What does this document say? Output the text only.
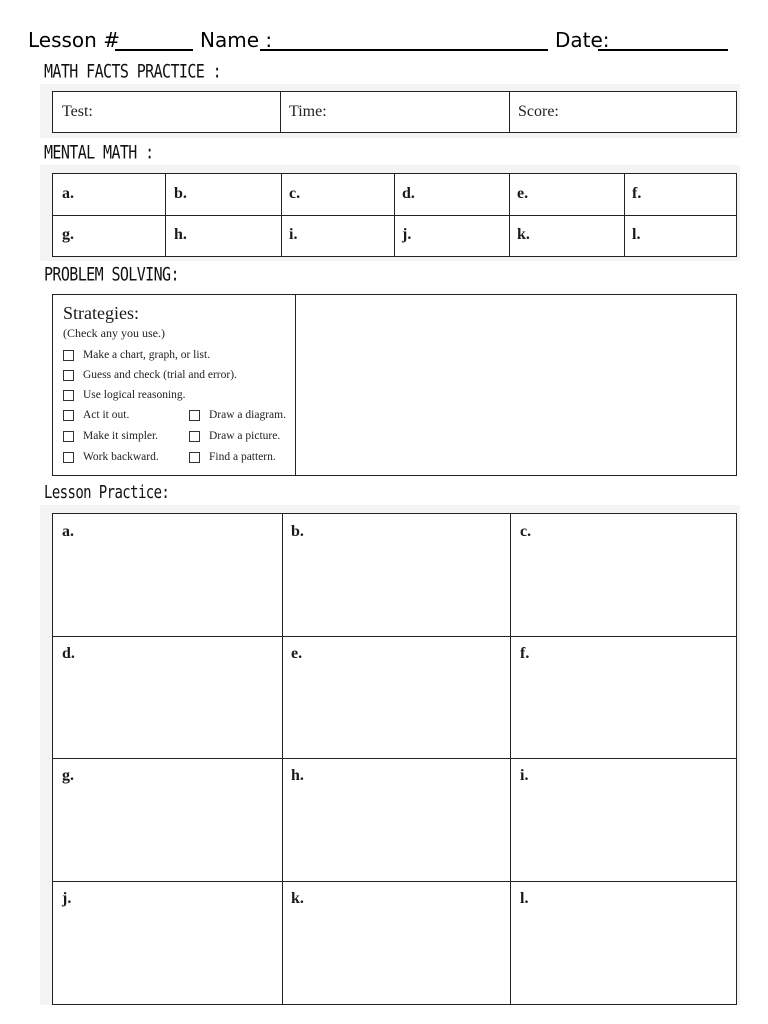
Lesson #	Name :	Date:
MATH FACTS PRACTICE :
Test:	Time:	Score:
MENTAL MATH :
a.	b.	c.	d.	e.	f.
g.	h.	i.	j.	k.	l.
PROBLEM SOLVING:
Strategies:
(Check any you use.)
Make a chart, graph, or list.
Guess and check (trial and error).
Use logical reasoning.
Act it out.	Draw a diagram.
Make it simpler.	Draw a picture.
Work backward.	Find a pattern.
Lesson Practice:
a.	b.	c.
d.	e.	f.
g.	h.	i.
j.	k.	l.
